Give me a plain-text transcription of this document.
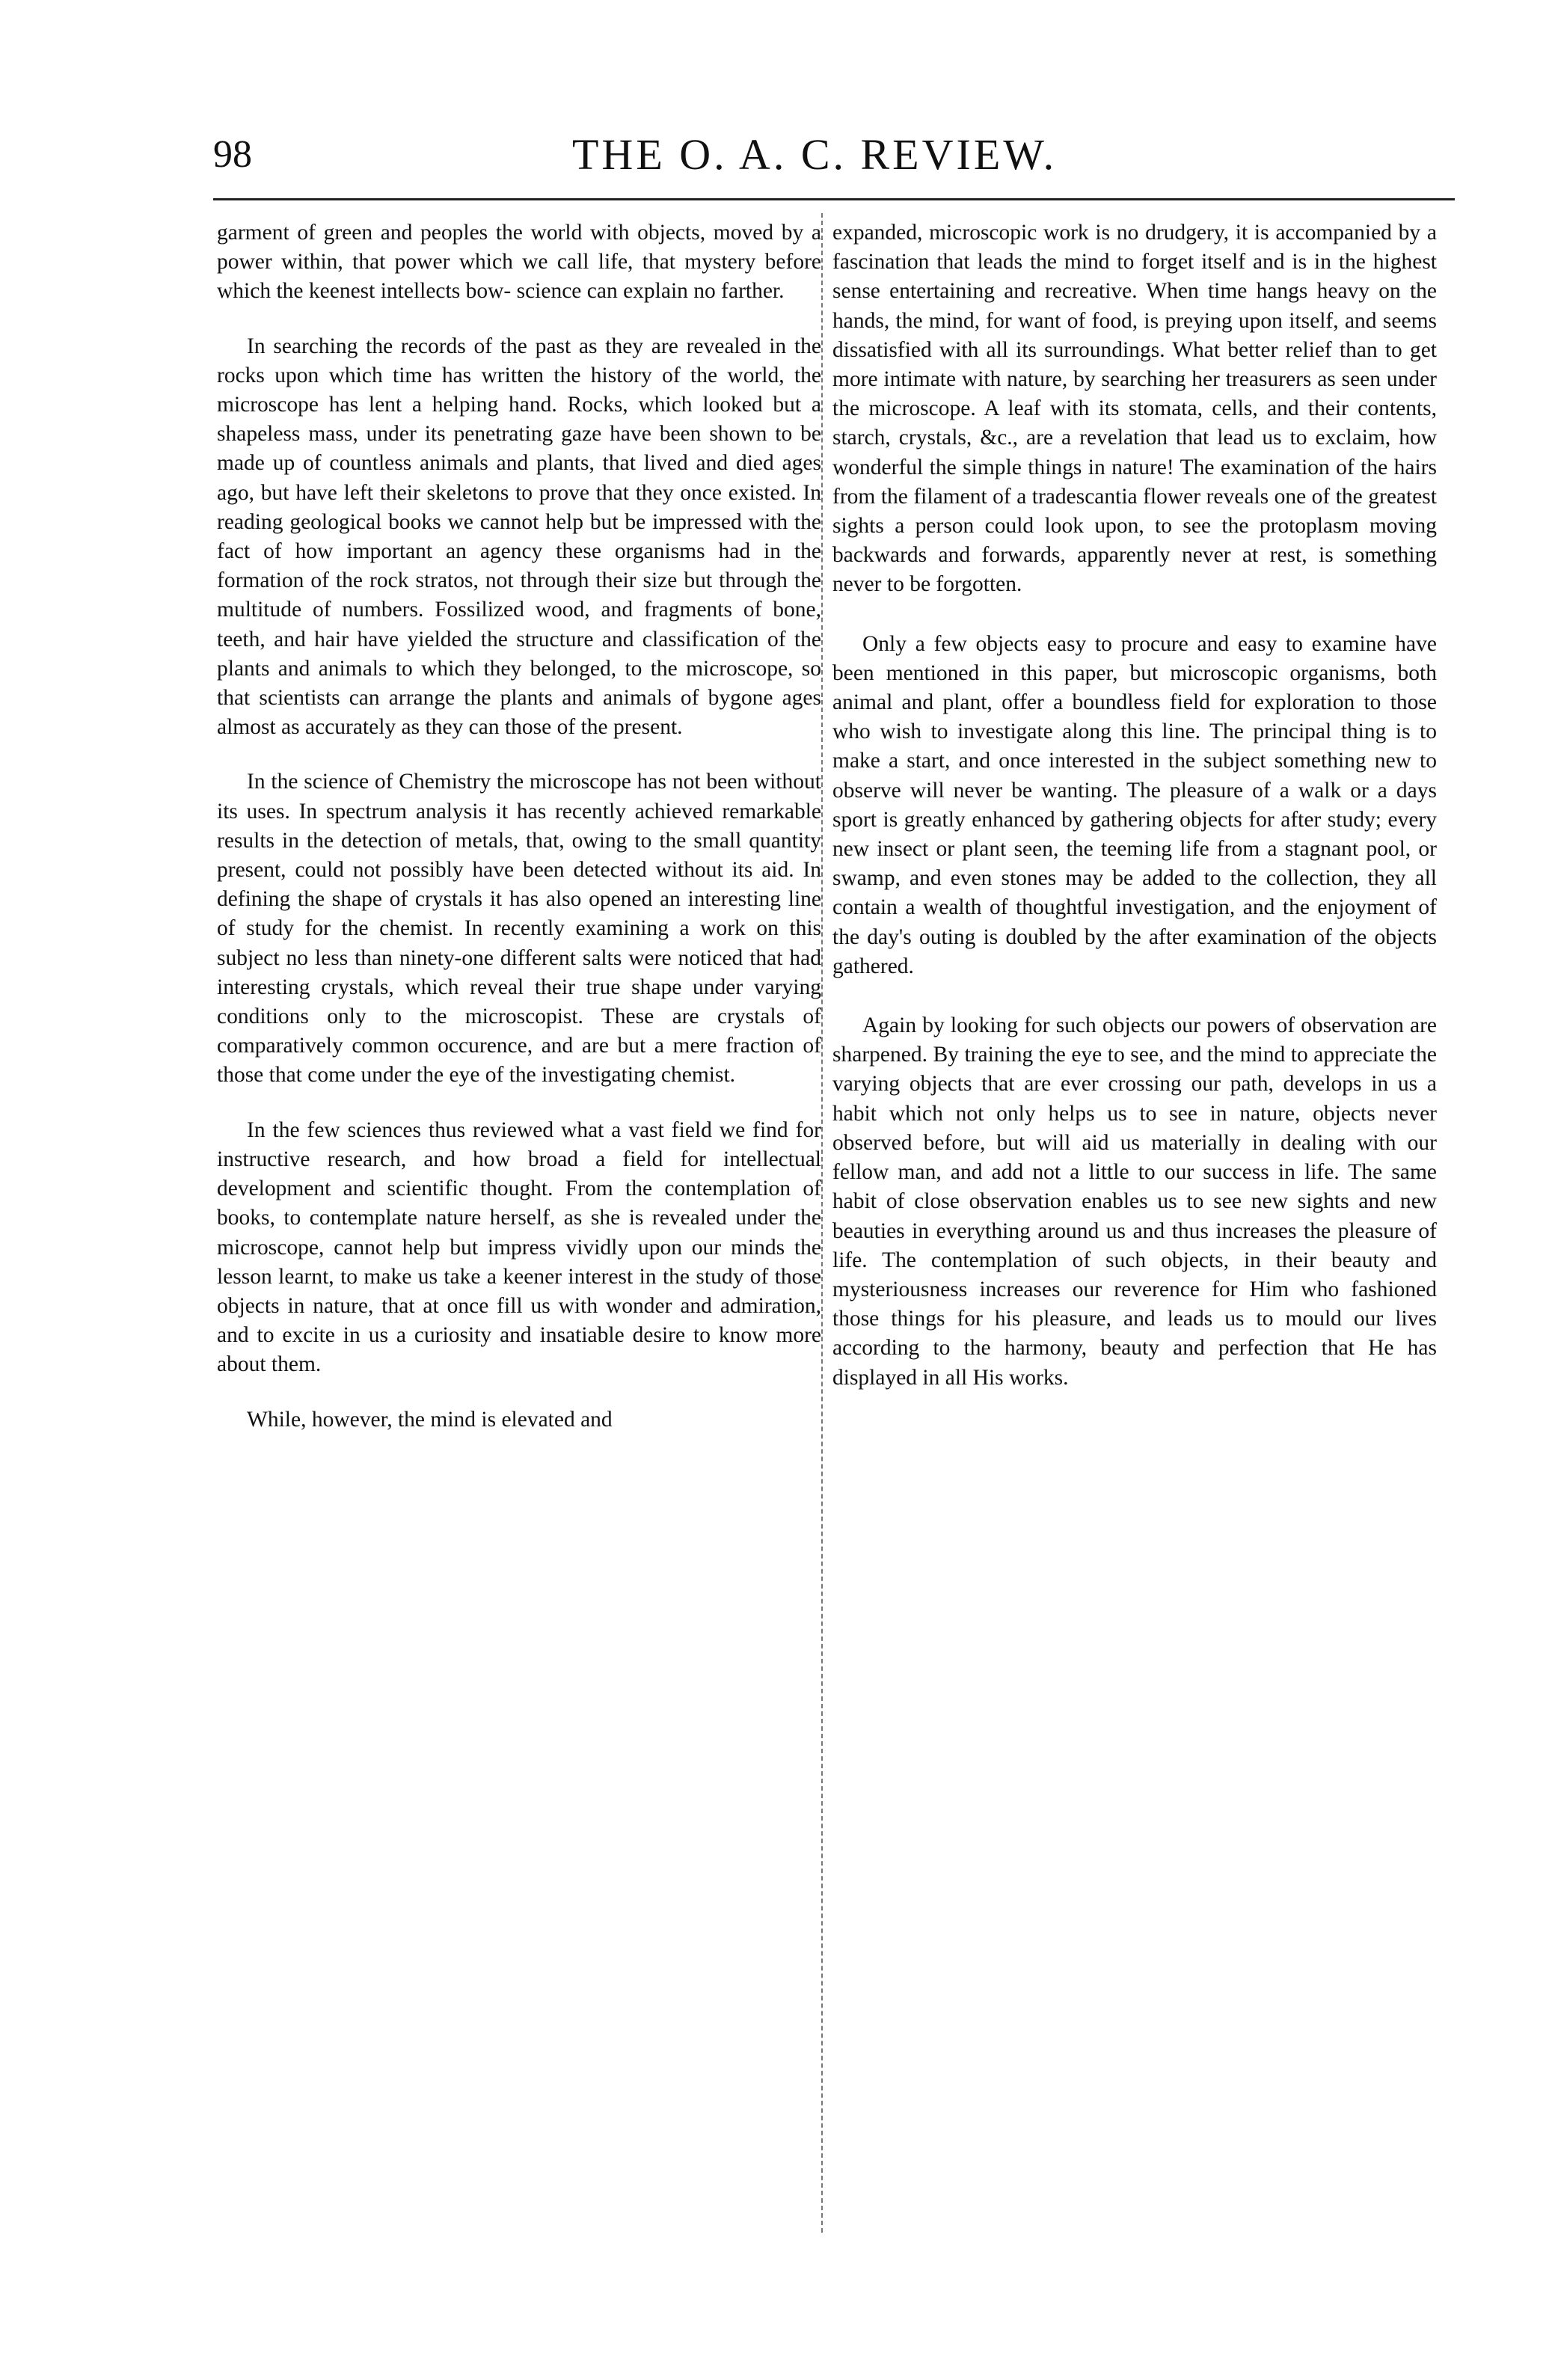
98	THE O. A. C. REVIEW.

garment of green and peoples the world with objects, moved by a power within, that power which we call life, that mystery before which the keenest intellects bow- science can explain no farther.

In searching the records of the past as they are revealed in the rocks upon which time has written the history of the world, the microscope has lent a helping hand. Rocks, which looked but a shapeless mass, under its penetrating gaze have been shown to be made up of countless animals and plants, that lived and died ages ago, but have left their skeletons to prove that they once existed. In reading geological books we cannot help but be impressed with the fact of how important an agency these organisms had in the formation of the rock stratos, not through their size but through the multitude of numbers. Fossilized wood, and fragments of bone, teeth, and hair have yielded the structure and classification of the plants and animals to which they belonged, to the microscope, so that scientists can arrange the plants and animals of bygone ages almost as accurately as they can those of the present.

In the science of Chemistry the microscope has not been without its uses. In spectrum analysis it has recently achieved remarkable results in the detection of metals, that, owing to the small quantity present, could not possibly have been detected without its aid. In defining the shape of crystals it has also opened an interesting line of study for the chemist. In recently examining a work on this subject no less than ninety-one different salts were noticed that had interesting crystals, which reveal their true shape under varying conditions only to the microscopist. These are crystals of comparatively common occurence, and are but a mere fraction of those that come under the eye of the investigating chemist.

In the few sciences thus reviewed what a vast field we find for instructive research, and how broad a field for intellectual development and scientific thought. From the contemplation of books, to contemplate nature herself, as she is revealed under the microscope, cannot help but impress vividly upon our minds the lesson learnt, to make us take a keener interest in the study of those objects in nature, that at once fill us with wonder and admiration, and to excite in us a curiosity and insatiable desire to know more about them.

While, however, the mind is elevated and

expanded, microscopic work is no drudgery, it is accompanied by a fascination that leads the mind to forget itself and is in the highest sense entertaining and recreative. When time hangs heavy on the hands, the mind, for want of food, is preying upon itself, and seems dissatisfied with all its surroundings. What better relief than to get more intimate with nature, by searching her treasurers as seen under the microscope. A leaf with its stomata, cells, and their contents, starch, crystals, &c., are a revelation that lead us to exclaim, how wonderful the simple things in nature! The examination of the hairs from the filament of a tradescantia flower reveals one of the greatest sights a person could look upon, to see the protoplasm moving backwards and forwards, apparently never at rest, is something never to be forgotten.

Only a few objects easy to procure and easy to examine have been mentioned in this paper, but microscopic organisms, both animal and plant, offer a boundless field for exploration to those who wish to investigate along this line. The principal thing is to make a start, and once interested in the subject something new to observe will never be wanting. The pleasure of a walk or a days sport is greatly enhanced by gathering objects for after study; every new insect or plant seen, the teeming life from a stagnant pool, or swamp, and even stones may be added to the collection, they all contain a wealth of thoughtful investigation, and the enjoyment of the day's outing is doubled by the after examination of the objects gathered.

Again by looking for such objects our powers of observation are sharpened. By training the eye to see, and the mind to appreciate the varying objects that are ever crossing our path, develops in us a habit which not only helps us to see in nature, objects never observed before, but will aid us materially in dealing with our fellow man, and add not a little to our success in life. The same habit of close observation enables us to see new sights and new beauties in everything around us and thus increases the pleasure of life. The contemplation of such objects, in their beauty and mysteriousness increases our reverence for Him who fashioned those things for his pleasure, and leads us to mould our lives according to the harmony, beauty and perfection that He has displayed in all His works.
